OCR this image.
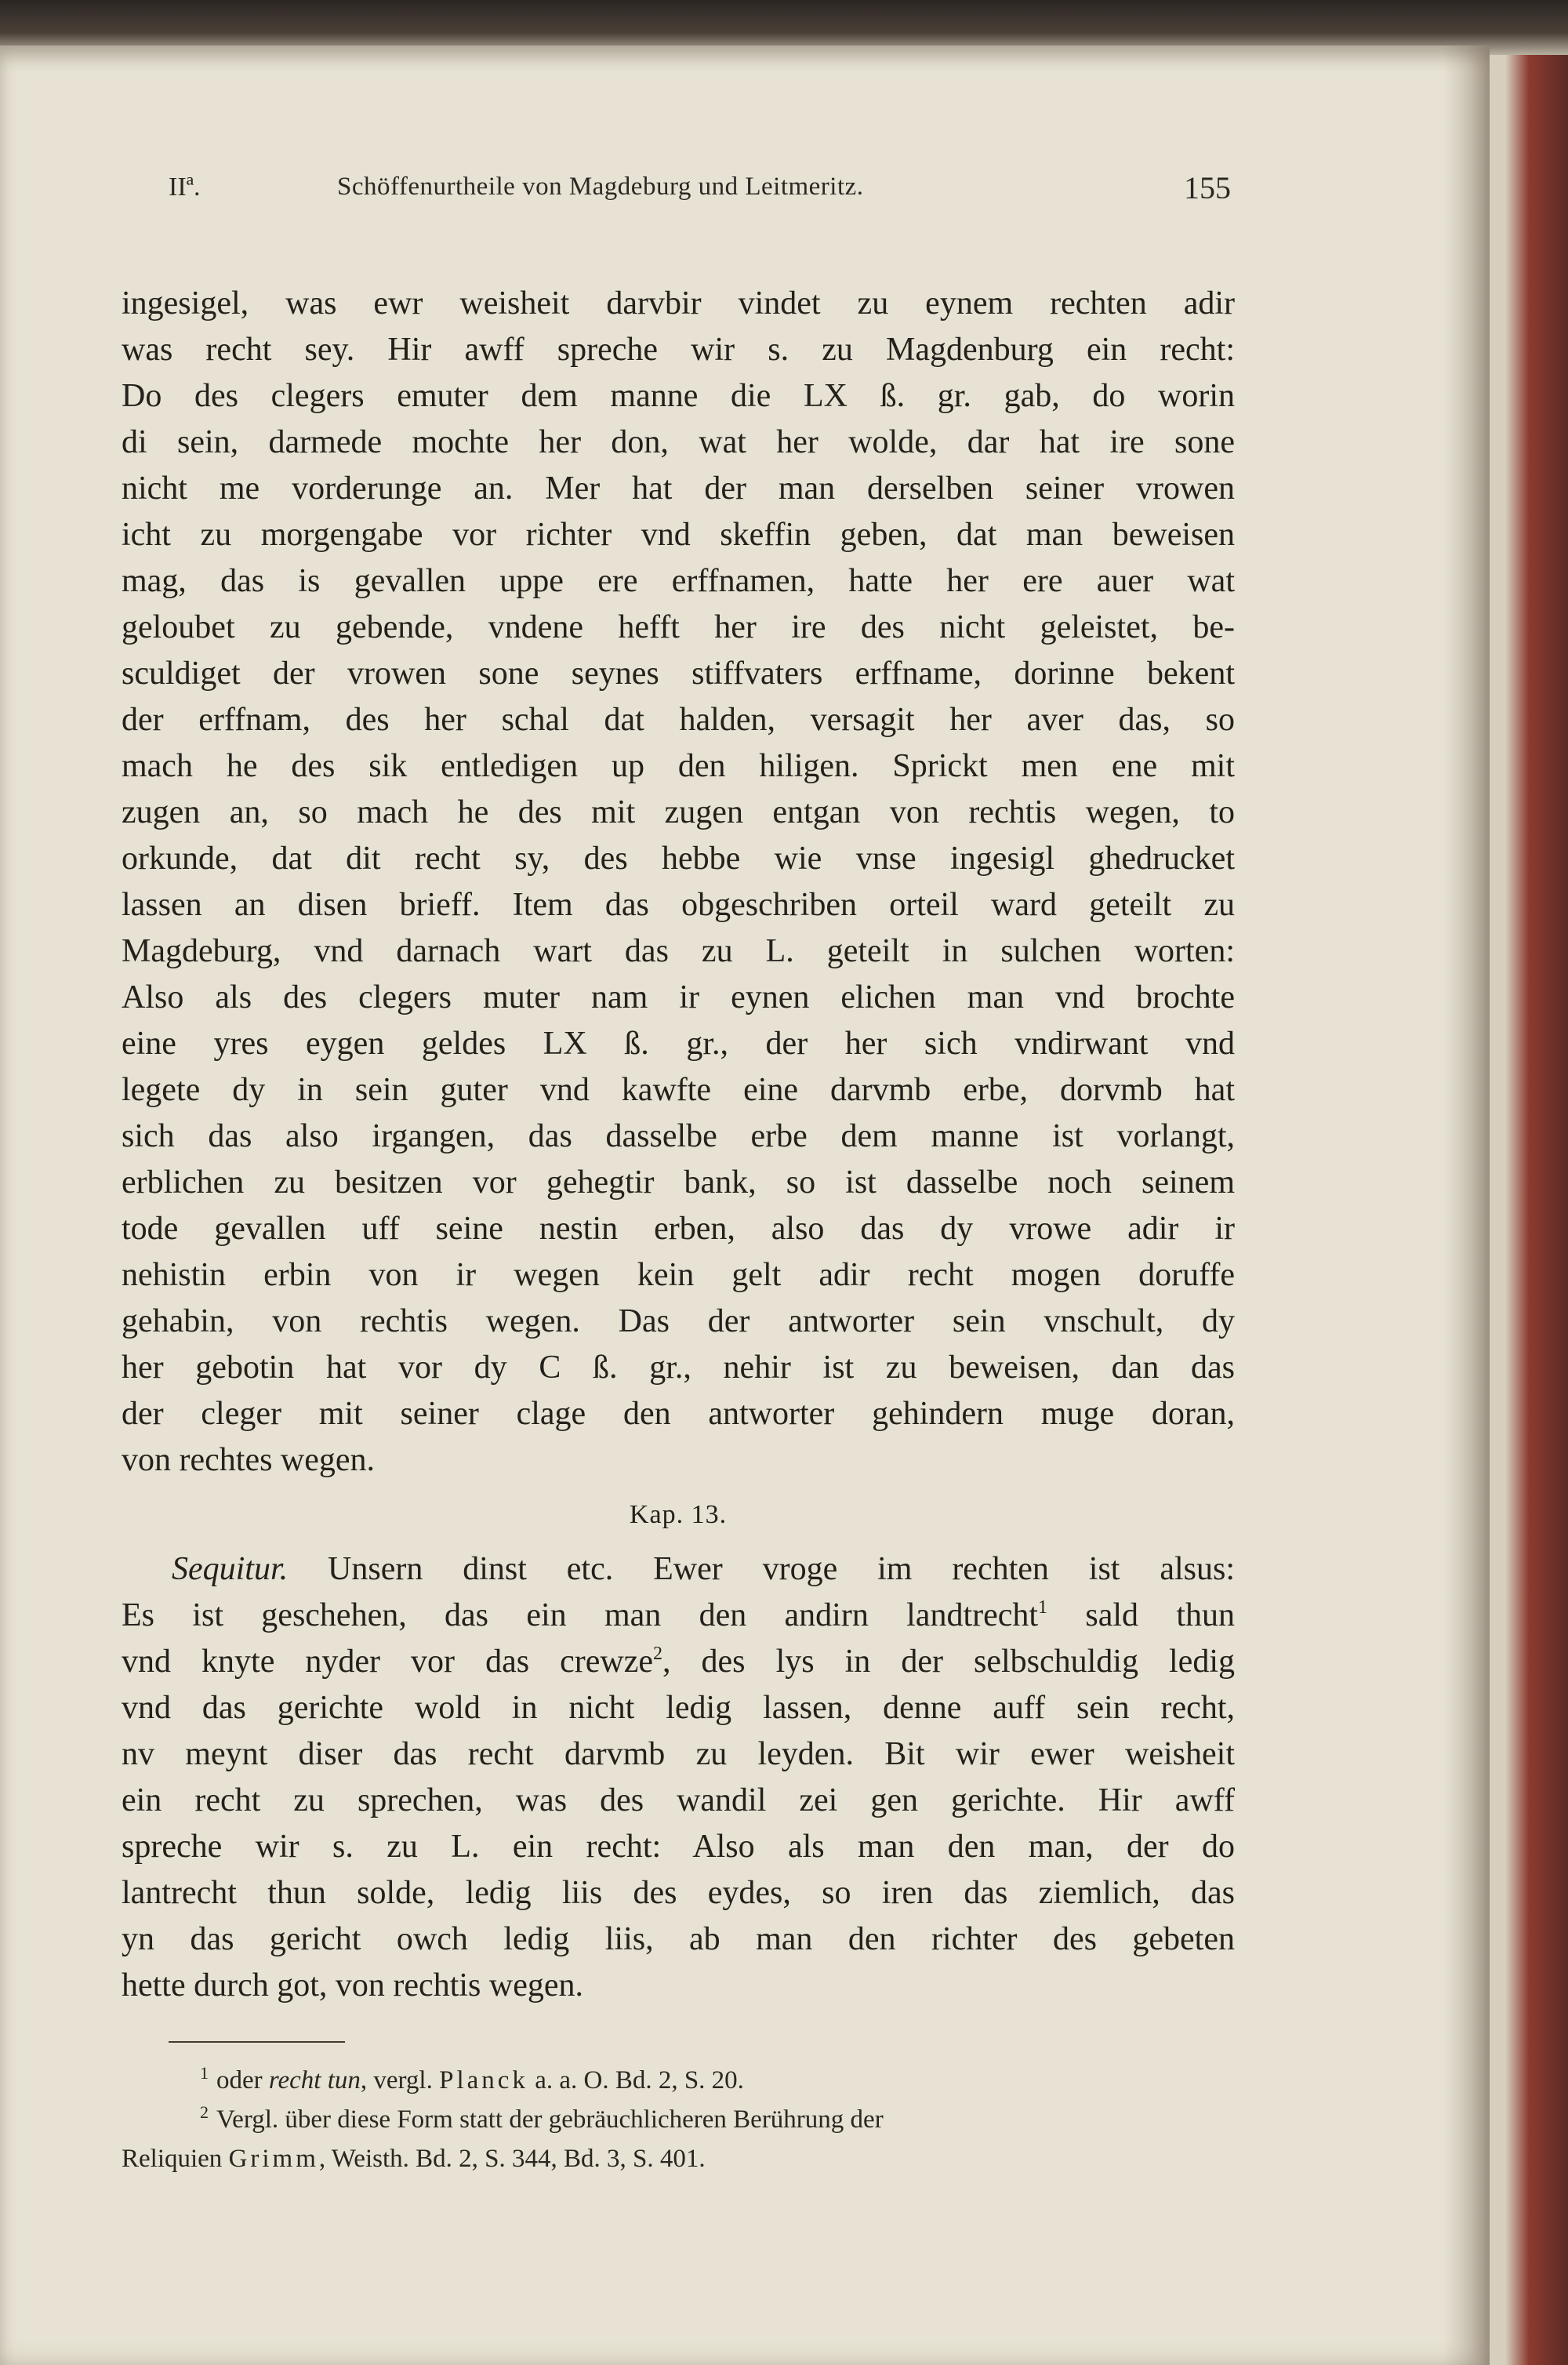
IIª.	Schöffenurtheile von Magdeburg und Leitmeritz.	155

ingesigel, was ewr weisheit darvbir vindet zu eynem rechten adir

was recht sey. Hir awff spreche wir s. zu Magdenburg ein recht:

Do des clegers emuter dem manne die LX ß. gr. gab, do worin

di sein, darmede mochte her don, wat her wolde, dar hat ire sone

nicht me vorderunge an. Mer hat der man derselben seiner vrowen

icht zu morgengabe vor richter vnd skeffin geben, dat man beweisen

mag, das is gevallen uppe ere erffnamen, hatte her ere auer wat

geloubet zu gebende, vndene hefft her ire des nicht geleistet, be-

sculdiget der vrowen sone seynes stiffvaters erffname, dorinne bekent

der erffnam, des her schal dat halden, versagit her aver das, so

mach he des sik entledigen up den hiligen. Sprickt men ene mit

zugen an, so mach he des mit zugen entgan von rechtis wegen, to

orkunde, dat dit recht sy, des hebbe wie vnse ingesigl ghedrucket

lassen an disen brieff. Item das obgeschriben orteil ward geteilt zu

Magdeburg, vnd darnach wart das zu L. geteilt in sulchen worten:

Also als des clegers muter nam ir eynen elichen man vnd brochte

eine yres eygen geldes LX ß. gr., der her sich vndirwant vnd

legete dy in sein guter vnd kawfte eine darvmb erbe, dorvmb hat

sich das also irgangen, das dasselbe erbe dem manne ist vorlangt,

erblichen zu besitzen vor gehegtir bank, so ist dasselbe noch seinem

tode gevallen uff seine nestin erben, also das dy vrowe adir ir

nehistin erbin von ir wegen kein gelt adir recht mogen doruffe

gehabin, von rechtis wegen. Das der antworter sein vnschult, dy

her gebotin hat vor dy C ß. gr., nehir ist zu beweisen, dan das

der cleger mit seiner clage den antworter gehindern muge doran,

von rechtes wegen.

Kap. 13.

Sequitur. Unsern dinst etc. Ewer vroge im rechten ist alsus:

Es ist geschehen, das ein man den andirn landtrecht$^1$ sald thun

vnd knyte nyder vor das crewze$^2$, des lys in der selbschuldig ledig

vnd das gerichte wold in nicht ledig lassen, denne auff sein recht,

nv meynt diser das recht darvmb zu leyden. Bit wir ewer weisheit

ein recht zu sprechen, was des wandil zei gen gerichte. Hir awff

spreche wir s. zu L. ein recht: Also als man den man, der do

lantrecht thun solde, ledig liis des eydes, so iren das ziemlich, das

yn das gericht owch ledig liis, ab man den richter des gebeten

hette durch got, von rechtis wegen.

$^1$ oder recht tun, vergl. Planck a. a. O. Bd. 2, S. 20.

$^2$ Vergl. über diese Form statt der gebräuchlicheren Berührung der

Reliquien Grimm, Weisth. Bd. 2, S. 344, Bd. 3, S. 401.
